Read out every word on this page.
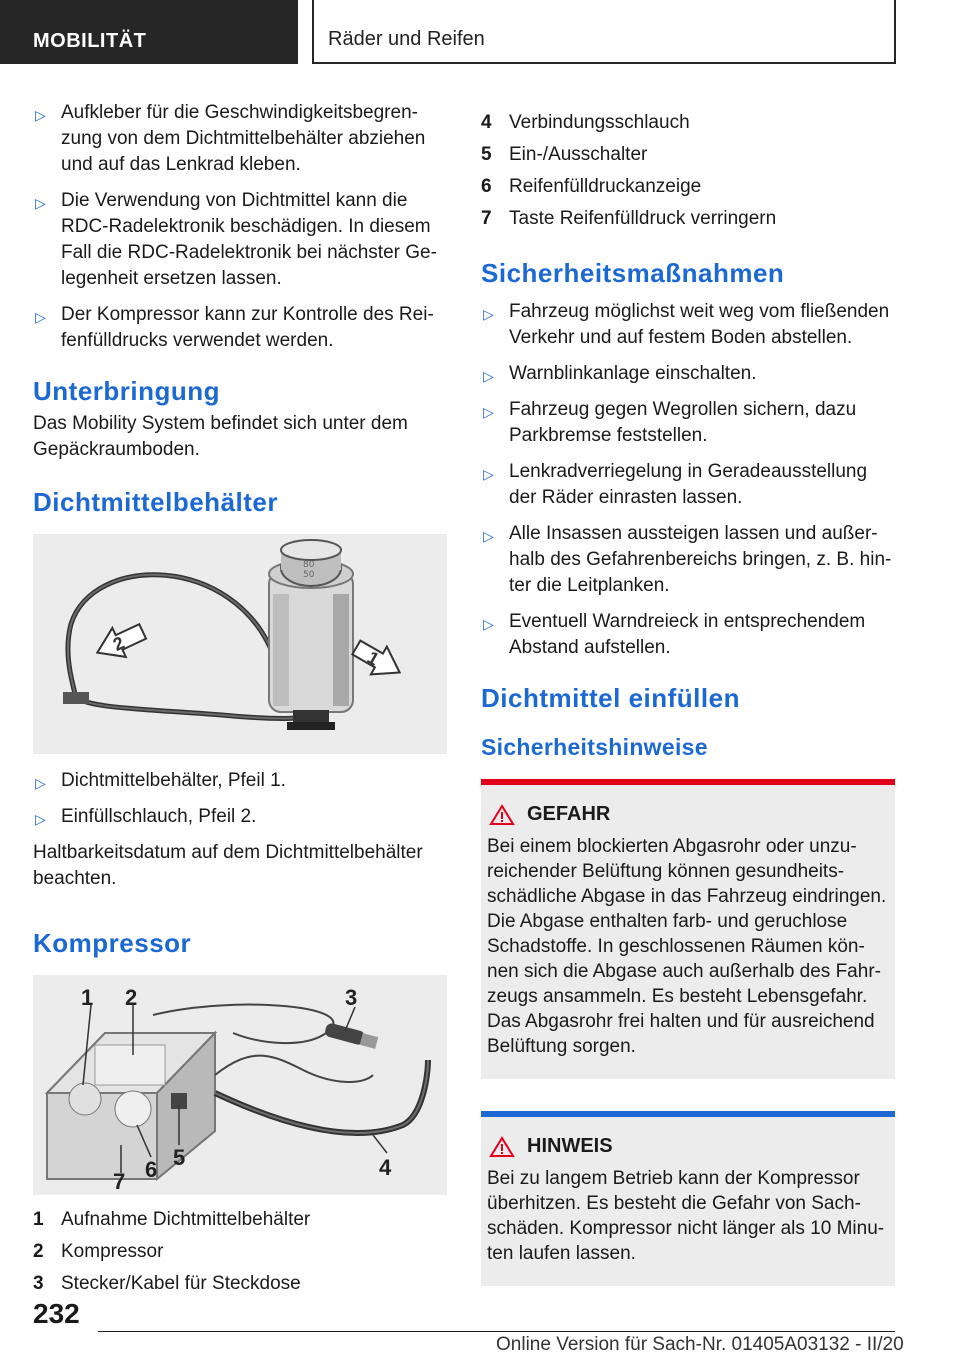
MOBILITÄT	Räder und Reifen
▷ Aufkleber für die Geschwindigkeitsbegrenzung von dem Dichtmittelbehälter abziehen und auf das Lenkrad kleben.
▷ Die Verwendung von Dichtmittel kann die RDC-Radelektronik beschädigen. In diesem Fall die RDC-Radelektronik bei nächster Gelegenheit ersetzen lassen.
▷ Der Kompressor kann zur Kontrolle des Reifenfülldrucks verwendet werden.
Unterbringung
Das Mobility System befindet sich unter dem Gepäckraumboden.
Dichtmittelbehälter
80
50
2
1
▷ Dichtmittelbehälter, Pfeil 1.
▷ Einfüllschlauch, Pfeil 2.
Haltbarkeitsdatum auf dem Dichtmittelbehälter beachten.
Kompressor
1 2	3
4
5
6
7
1 Aufnahme Dichtmittelbehälter
2 Kompressor
3 Stecker/Kabel für Steckdose
4 Verbindungsschlauch
5 Ein-/Ausschalter
6 Reifenfülldruckanzeige
7 Taste Reifenfülldruck verringern
Sicherheitsmaßnahmen
▷ Fahrzeug möglichst weit weg vom fließenden Verkehr und auf festem Boden abstellen.
▷ Warnblinkanlage einschalten.
▷ Fahrzeug gegen Wegrollen sichern, dazu Parkbremse feststellen.
▷ Lenkradverriegelung in Geradeausstellung der Räder einrasten lassen.
▷ Alle Insassen aussteigen lassen und außerhalb des Gefahrenbereichs bringen, z. B. hinter die Leitplanken.
▷ Eventuell Warndreieck in entsprechendem Abstand aufstellen.
Dichtmittel einfüllen
Sicherheitshinweise
GEFAHR
Bei einem blockierten Abgasrohr oder unzureichender Belüftung können gesundheitsschädliche Abgase in das Fahrzeug eindringen. Die Abgase enthalten farb- und geruchlose Schadstoffe. In geschlossenen Räumen können sich die Abgase auch außerhalb des Fahrzeugs ansammeln. Es besteht Lebensgefahr. Das Abgasrohr frei halten und für ausreichend Belüftung sorgen.
HINWEIS
Bei zu langem Betrieb kann der Kompressor überhitzen. Es besteht die Gefahr von Sachschäden. Kompressor nicht länger als 10 Minuten laufen lassen.
232
Online Version für Sach-Nr. 01405A03132 - II/20
